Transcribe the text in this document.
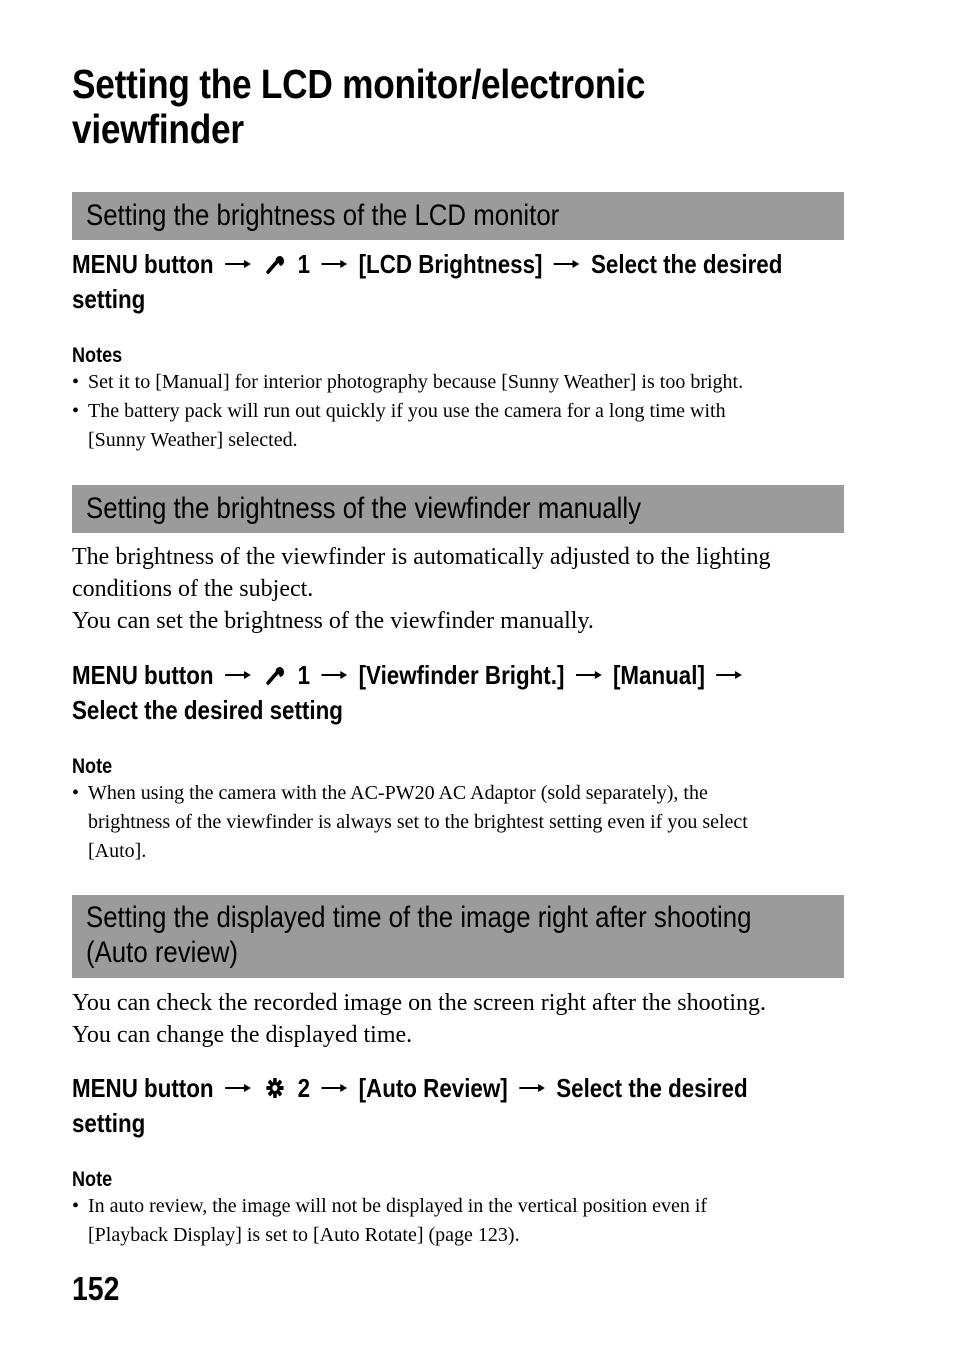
Setting the LCD monitor/electronic
viewfinder
Setting the brightness of the LCD monitor
MENU button	1 [LCD Brightness] Select the desired
setting
Notes
• Set it to [Manual] for interior photography because [Sunny Weather] is too bright.
• The battery pack will run out quickly if you use the camera for a long time with
[Sunny Weather] selected.
Setting the brightness of the viewfinder manually
The brightness of the viewfinder is automatically adjusted to the lighting
conditions of the subject.
You can set the brightness of the viewfinder manually.
MENU button	1 [Viewfinder Bright.] [Manual]
Select the desired setting
Note
• When using the camera with the AC-PW20 AC Adaptor (sold separately), the
brightness of the viewfinder is always set to the brightest setting even if you select
[Auto].
Setting the displayed time of the image right after shooting
(Auto review)
You can check the recorded image on the screen right after the shooting.
You can change the displayed time.
MENU button	2 [Auto Review] Select the desired
setting
Note
• In auto review, the image will not be displayed in the vertical position even if
[Playback Display] is set to [Auto Rotate] (page 123).
152
